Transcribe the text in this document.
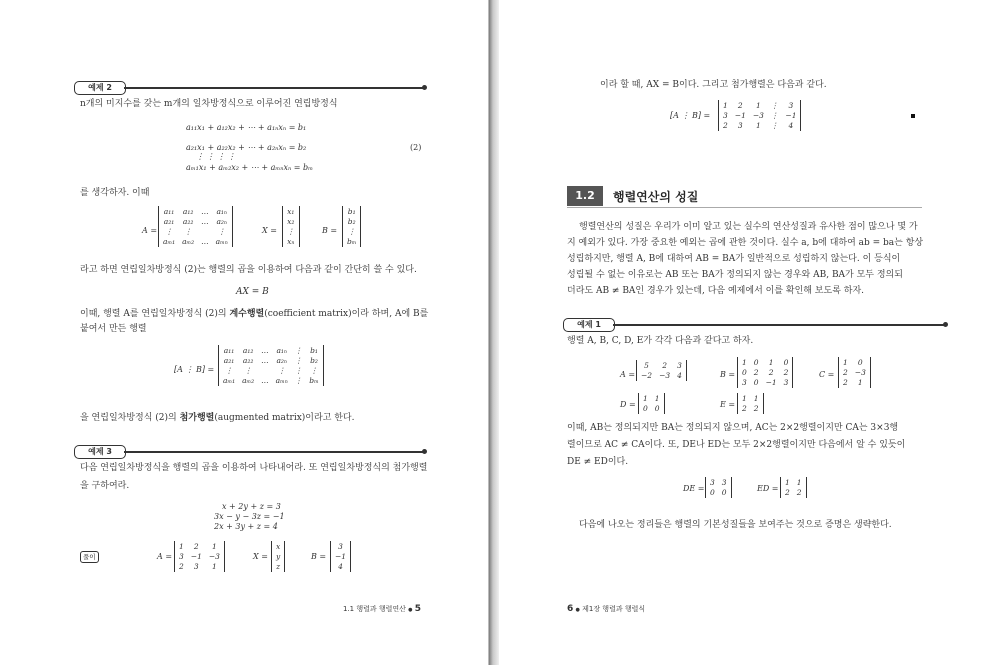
예제 2
n개의 미지수를 갖는 m개의 일차방정식으로 이루어진 연립방정식
a₁₁x₁ + a₁₂x₂ + ⋯ + a₁ₙxₙ = b₁
a₂₁x₁ + a₂₂x₂ + ⋯ + a₂ₙxₙ = b₂
⋮ ⋮ ⋮ ⋮
aₘ₁x₁ + aₘ₂x₂ + ⋯ + aₘₙxₙ = bₘ
(2)
를 생각하자. 이때
A =
a₁₁ a₁₂ … a₁ₙ
a₂₁ a₂₂ … a₂ₙ
⋮	⋮	⋮
aₘ₁ aₘ₂ … aₘₙ
X =
x₁
x₂
⋮
xₙ
B =
b₁
b₂
⋮
bₘ
라고 하면 연립일차방정식 (2)는 행렬의 곱을 이용하여 다음과 같이 간단히 쓸 수 있다.
AX = B
이때, 행렬 A를 연립일차방정식 (2)의 계수행렬(coefficient matrix)이라 하며, A에 B를
붙여서 만든 행렬
[A ⋮ B] =
a₁₁ a₁₂ … a₁ₙ ⋮ b₁
a₂₁ a₂₂ … a₂ₙ ⋮ b₂
⋮	⋮	⋮	⋮ ⋮
aₘ₁ aₘ₂ … aₘₙ ⋮ bₘ
을 연립일차방정식 (2)의 첨가행렬(augmented matrix)이라고 한다.
예제 3
다음 연립일차방정식을 행렬의 곱을 이용하여 나타내어라. 또 연립일차방정식의 첨가행렬
을 구하여라.
x + 2y + z = 3
3x − y − 3z = −1
2x + 3y + z = 4
풀이	A =
1	2	1
3 −1 −3
2	3	1
X =
x
y
z
B =
3
−1
4
1.1 행렬과 행렬연산 ● 5
이라 할 때, AX = B이다. 그리고 첨가행렬은 다음과 같다.
[A ⋮ B] =
1	2	1	⋮	3
3 −1 −3 ⋮ −1
2	3	1	⋮	4
1.2	행렬연산의 성질
행렬연산의 성질은 우리가 이미 알고 있는 실수의 연산성질과 유사한 점이 많으나 몇 가
지 예외가 있다. 가장 중요한 예외는 곱에 관한 것이다. 실수 a, b에 대하여 ab = ba는 항상
성립하지만, 행렬 A, B에 대하여 AB = BA가 일반적으로 성립하지 않는다. 이 등식이
성립될 수 없는 이유로는 AB 또는 BA가 정의되지 않는 경우와 AB, BA가 모두 정의되
더라도 AB ≠ BA인 경우가 있는데, 다음 예제에서 이를 확인해 보도록 하자.
예제 1
행렬 A, B, C, D, E가 각각 다음과 같다고 하자.
A =
5	2	3
−2 −3 4	B =
1 0	1	0
0 2	2	2
3 0 −1 3
C =
1	0
2 −3
2	1
D =
1 1
0 0	E =
1 1
2 2
이때, AB는 정의되지만 BA는 정의되지 않으며, AC는 2×2행렬이지만 CA는 3×3행
렬이므로 AC ≠ CA이다. 또, DE나 ED는 모두 2×2행렬이지만 다음에서 알 수 있듯이
DE ≠ ED이다.
DE =
3 3
0 0	ED =
1 1
2 2
다음에 나오는 정리들은 행렬의 기본성질들을 보여주는 것으로 증명은 생략한다.
6 ● 제1장 행렬과 행렬식
